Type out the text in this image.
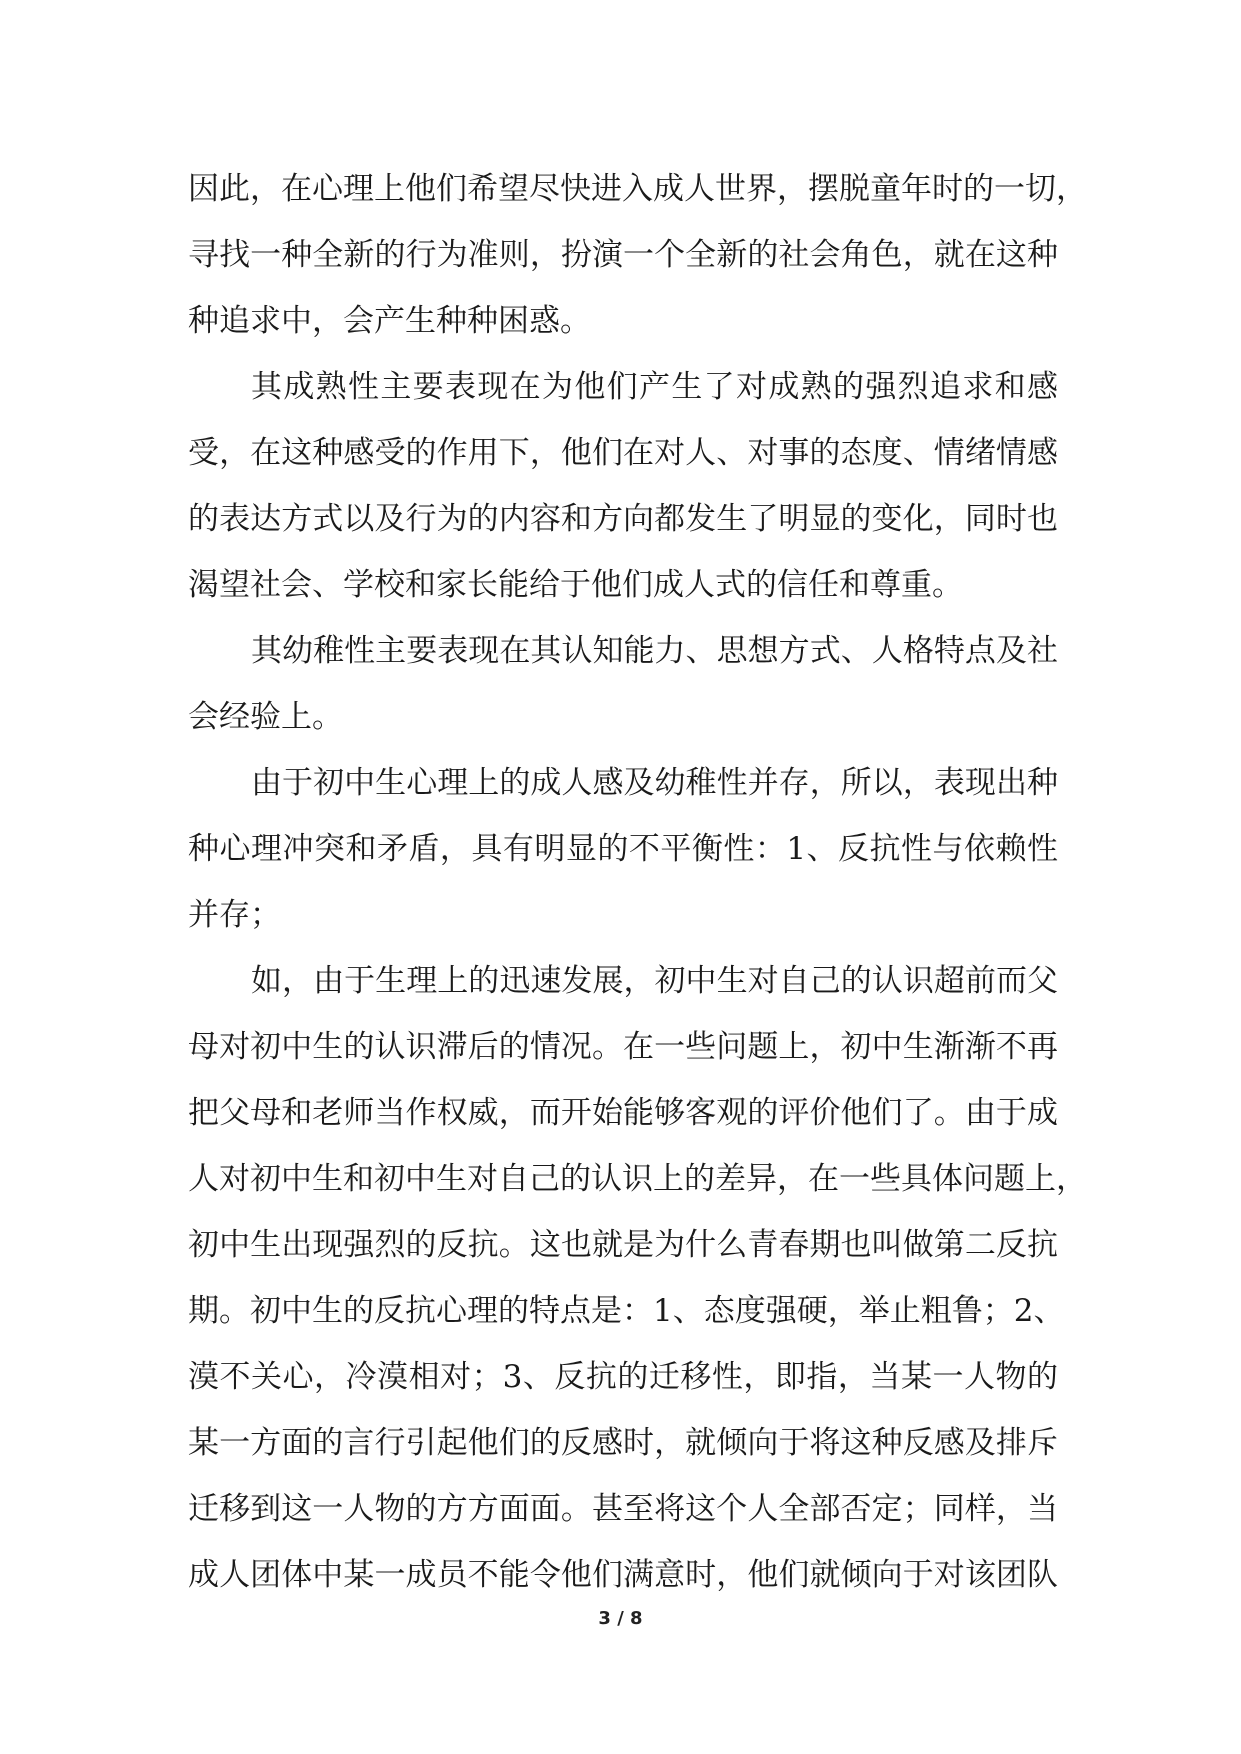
因此，在心理上他们希望尽快进入成人世界，摆脱童年时的一切，
寻找一种全新的行为准则，扮演一个全新的社会角色，就在这种
种追求中，会产生种种困惑。
其成熟性主要表现在为他们产生了对成熟的强烈追求和感
受，在这种感受的作用下，他们在对人、对事的态度、情绪情感
的表达方式以及行为的内容和方向都发生了明显的变化，同时也
渴望社会、学校和家长能给于他们成人式的信任和尊重。
其幼稚性主要表现在其认知能力、思想方式、人格特点及社
会经验上。
由于初中生心理上的成人感及幼稚性并存，所以，表现出种
种心理冲突和矛盾，具有明显的不平衡性：1、反抗性与依赖性
并存；
如，由于生理上的迅速发展，初中生对自己的认识超前而父
母对初中生的认识滞后的情况。在一些问题上，初中生渐渐不再
把父母和老师当作权威，而开始能够客观的评价他们了。由于成
人对初中生和初中生对自己的认识上的差异，在一些具体问题上，
初中生出现强烈的反抗。这也就是为什么青春期也叫做第二反抗
期。初中生的反抗心理的特点是：1、态度强硬，举止粗鲁；2、
漠不关心，冷漠相对；3、反抗的迁移性，即指，当某一人物的
某一方面的言行引起他们的反感时，就倾向于将这种反感及排斥
迁移到这一人物的方方面面。甚至将这个人全部否定；同样，当
成人团体中某一成员不能令他们满意时，他们就倾向于对该团队
3 / 8
